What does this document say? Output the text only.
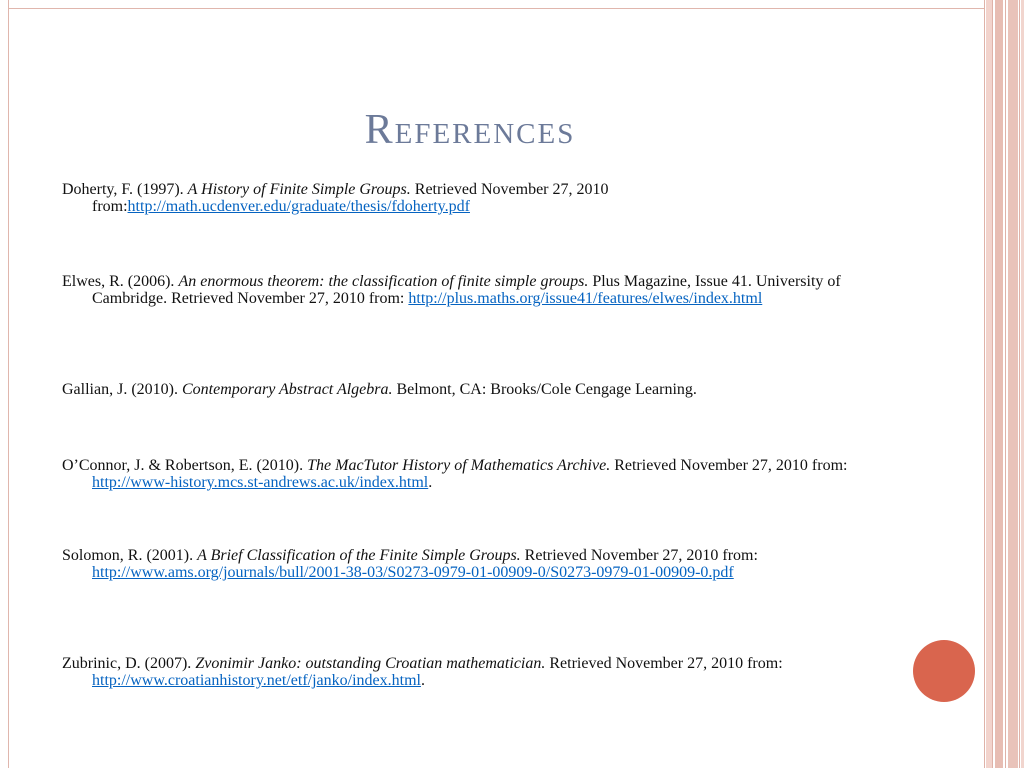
References

Doherty, F. (1997). A History of Finite Simple Groups. Retrieved November 27, 2010 from:http://math.ucdenver.edu/graduate/thesis/fdoherty.pdf

Elwes, R. (2006). An enormous theorem: the classification of finite simple groups. Plus Magazine, Issue 41. University of Cambridge. Retrieved November 27, 2010 from: http://plus.maths.org/issue41/features/elwes/index.html

Gallian, J. (2010). Contemporary Abstract Algebra. Belmont, CA: Brooks/Cole Cengage Learning.

O’Connor, J. & Robertson, E. (2010). The MacTutor History of Mathematics Archive. Retrieved November 27, 2010 from: http://www-history.mcs.st-andrews.ac.uk/index.html.

Solomon, R. (2001). A Brief Classification of the Finite Simple Groups. Retrieved November 27, 2010 from: http://www.ams.org/journals/bull/2001-38-03/S0273-0979-01-00909-0/S0273-0979-01-00909-0.pdf

Zubrinic, D. (2007). Zvonimir Janko: outstanding Croatian mathematician. Retrieved November 27, 2010 from: http://www.croatianhistory.net/etf/janko/index.html.
